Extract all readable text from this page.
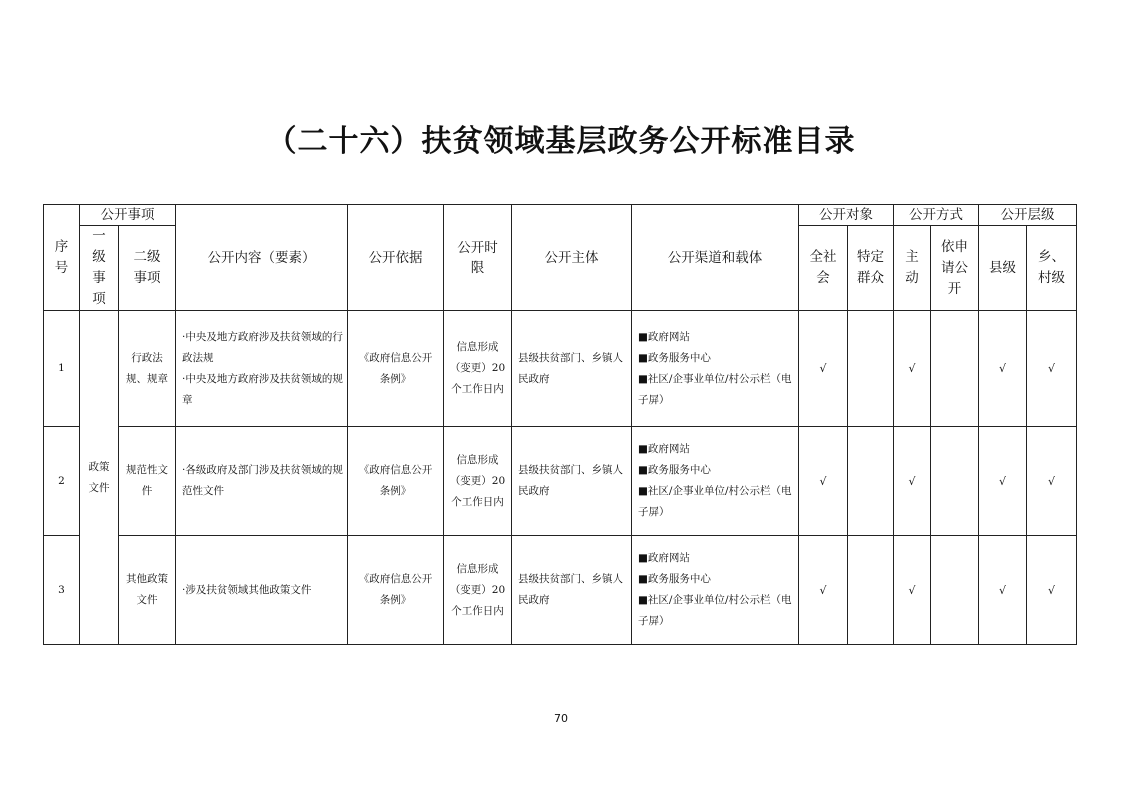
（二十六）扶贫领域基层政务公开标准目录
序号	公开事项		公开内容（要素）	公开依据	公开时限	公开主体	公开渠道和载体	公开对象		公开方式		公开层级	
	一级事项	二级事项						全社会	特定群众	主动	依申请公开	县级	乡、村级
1	政策文件	行政法规、规章	·中央及地方政府涉及扶贫领域的行政法规
·中央及地方政府涉及扶贫领域的规章	《政府信息公开条例》	信息形成（变更）20个工作日内	县级扶贫部门、乡镇人民政府	■政府网站
■政务服务中心
■社区/企事业单位/村公示栏（电子屏）	√		√		√	√
2		规范性文件	·各级政府及部门涉及扶贫领域的规范性文件	《政府信息公开条例》	信息形成（变更）20个工作日内	县级扶贫部门、乡镇人民政府	■政府网站
■政务服务中心
■社区/企事业单位/村公示栏（电子屏）	√		√		√	√
3		其他政策文件	·涉及扶贫领域其他政策文件	《政府信息公开条例》	信息形成（变更）20个工作日内	县级扶贫部门、乡镇人民政府	■政府网站
■政务服务中心
■社区/企事业单位/村公示栏（电子屏）	√		√		√	√
70
